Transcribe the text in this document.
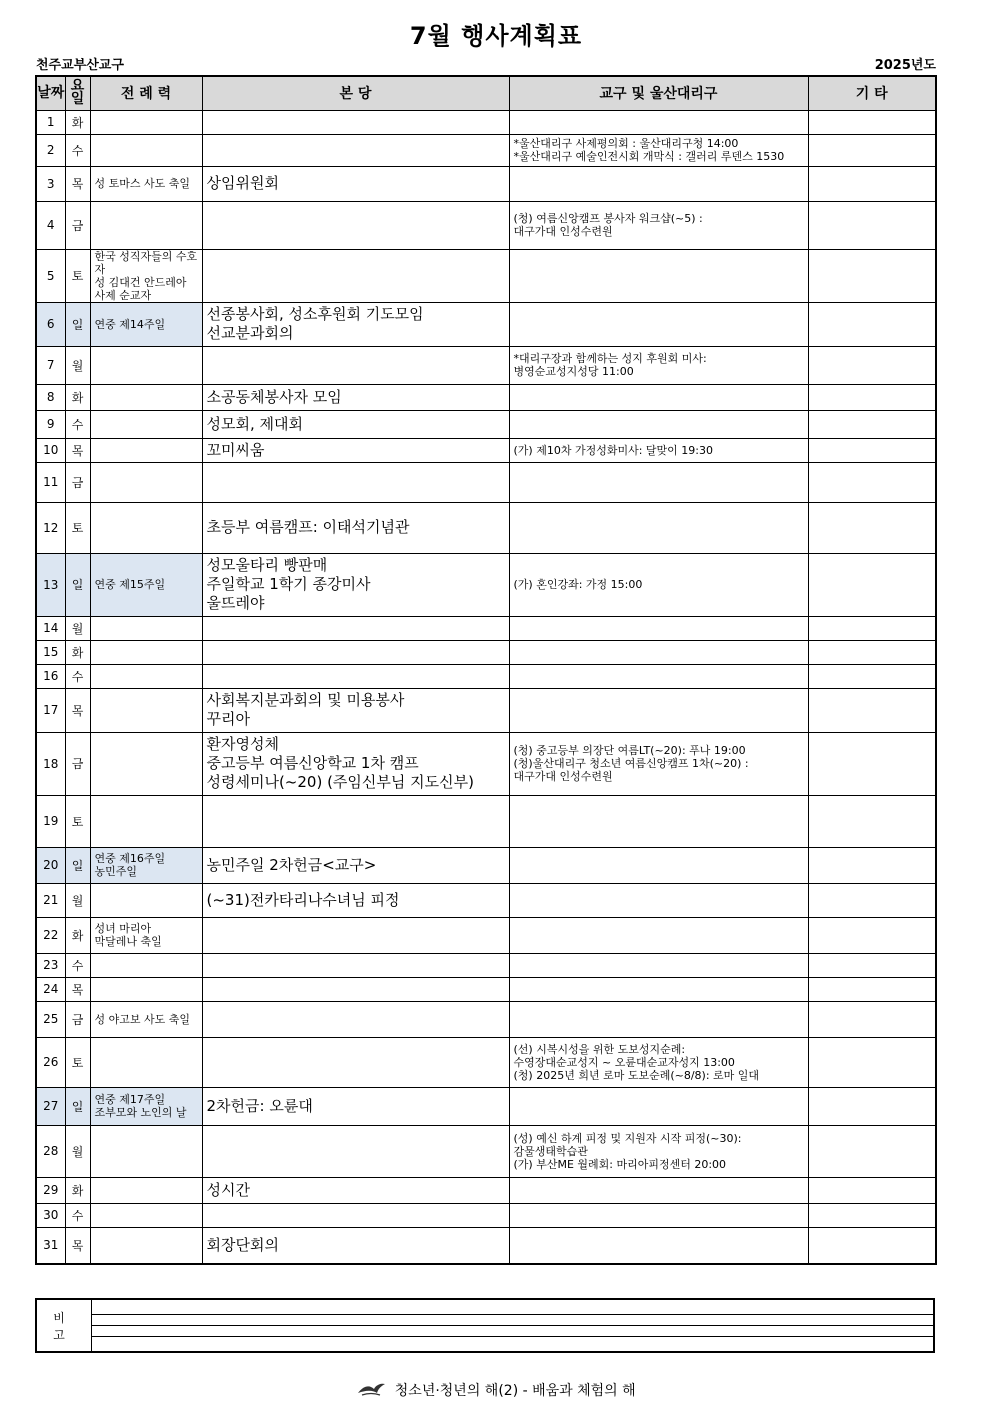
7월 행사계획표
천주교부산교구	2025년도
날짜	요일	전 례 력	본 당	교구 및 울산대리구	기 타
1	화				
2	수			*울산대리구 사제평의회 : 울산대리구청 14:00
*울산대리구 예술인전시회 개막식 : 갤러리 루덴스 1530	
3	목	성 토마스 사도 축일	상임위원회		
4	금			(청) 여름신앙캠프 봉사자 워크샵(~5) :
대구가대 인성수련원	
5	토	한국 성직자들의 수호자
성 김대건 안드레아
사제 순교자			
6	일	연중 제14주일	선종봉사회, 성소후원회 기도모임
선교분과회의		
7	월			*대리구장과 함께하는 성지 후원회 미사:
병영순교성지성당 11:00	
8	화		소공동체봉사자 모임		
9	수		성모회, 제대회		
10	목		꼬미씨움	(가) 제10차 가정성화미사: 달맞이 19:30	
11	금				
12	토		초등부 여름캠프: 이태석기념관		
13	일	연중 제15주일	성모울타리 빵판매
주일학교 1학기 종강미사
울뜨레야	(가) 혼인강좌: 가정 15:00	
14	월				
15	화				
16	수				
17	목		사회복지분과회의 및 미용봉사
꾸리아		
18	금		환자영성체
중고등부 여름신앙학교 1차 캠프
성령세미나(~20) (주임신부님 지도신부)	(청) 중고등부 의장단 여름LT(~20): 푸나 19:00
(청)울산대리구 청소년 여름신앙캠프 1차(~20) :
대구가대 인성수련원	
19	토				
20	일	연중 제16주일
농민주일	농민주일 2차헌금<교구>		
21	월		(~31)전카타리나수녀님 피정		
22	화	성녀 마리아
막달레나 축일			
23	수				
24	목				
25	금	성 야고보 사도 축일			
26	토			(선) 시복시성을 위한 도보성지순례:
수영장대순교성지 ~ 오륜대순교자성지 13:00
(청) 2025년 희년 로마 도보순례(~8/8): 로마 일대	
27	일	연중 제17주일
조부모와 노인의 날	2차헌금: 오륜대		
28	월			(성) 예신 하계 피정 및 지원자 시작 피정(~30):
감물생태학습관
(가) 부산ME 월례회: 마리아피정센터 20:00	
29	화		성시간		
30	수				
31	목		회장단회의		
비 고	

청소년·청년의 해(2) - 배움과 체험의 해
